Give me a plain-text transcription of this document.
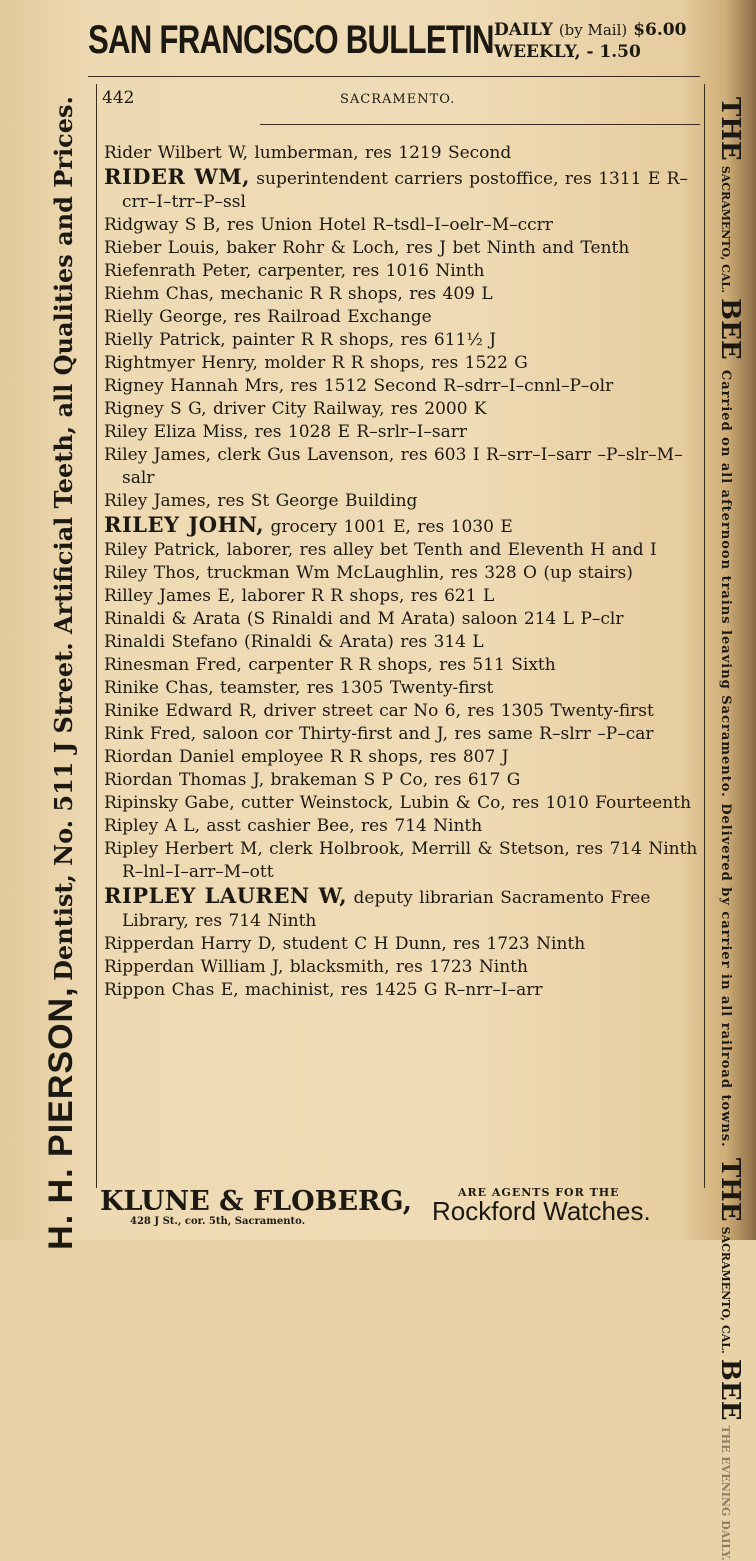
SAN FRANCISCO BULLETIN DAILY (by Mail) $6.00
WEEKLY, - 1.50
442	SACRAMENTO.
H. H. PIERSON, Dentist, No. 511 J Street. Artificial Teeth, all Qualities and Prices.	THE SACRAMENTO, CAL. BEE  Carried on all afternoon trains leaving Sacramento. Delivered by carrier in all railroad towns.  THE SACRAMENTO, CAL. BEE THE EVENING DAILY.
Rider Wilbert W, lumberman, res 1219 Second
RIDER WM, superintendent carriers postoffice, res 1311 E R–crr–I–trr–P–ssl
Ridgway S B, res Union Hotel R–tsdl–I–oelr–M–ccrr
Rieber Louis, baker Rohr & Loch, res J bet Ninth and Tenth
Riefenrath Peter, carpenter, res 1016 Ninth
Riehm Chas, mechanic R R shops, res 409 L
Rielly George, res Railroad Exchange
Rielly Patrick, painter R R shops, res 611½ J
Rightmyer Henry, molder R R shops, res 1522 G
Rigney Hannah Mrs, res 1512 Second R–sdrr–I–cnnl–P–olr
Rigney S G, driver City Railway, res 2000 K
Riley Eliza Miss, res 1028 E R–srlr–I–sarr
Riley James, clerk Gus Lavenson, res 603 I R–srr–I–sarr –P–slr–M–salr
Riley James, res St George Building
RILEY JOHN, grocery 1001 E, res 1030 E
Riley Patrick, laborer, res alley bet Tenth and Eleventh H and I
Riley Thos, truckman Wm McLaughlin, res 328 O (up stairs)
Rilley James E, laborer R R shops, res 621 L
Rinaldi & Arata (S Rinaldi and M Arata) saloon 214 L P–clr
Rinaldi Stefano (Rinaldi & Arata) res 314 L
Rinesman Fred, carpenter R R shops, res 511 Sixth
Rinike Chas, teamster, res 1305 Twenty-first
Rinike Edward R, driver street car No 6, res 1305 Twenty-first
Rink Fred, saloon cor Thirty-first and J, res same R–slrr –P–car
Riordan Daniel employee R R shops, res 807 J
Riordan Thomas J, brakeman S P Co, res 617 G
Ripinsky Gabe, cutter Weinstock, Lubin & Co, res 1010 Fourteenth
Ripley A L, asst cashier Bee, res 714 Ninth
Ripley Herbert M, clerk Holbrook, Merrill & Stetson, res 714 Ninth R–lnl–I–arr–M–ott
RIPLEY LAUREN W, deputy librarian Sacramento Free Library, res 714 Ninth
Ripperdan Harry D, student C H Dunn, res 1723 Ninth
Ripperdan William J, blacksmith, res 1723 Ninth
Rippon Chas E, machinist, res 1425 G R–nrr–I–arr
KLUNE & FLOBERG,
428 J St., cor. 5th, Sacramento.
ARE AGENTS FOR THE
Rockford Watches.
